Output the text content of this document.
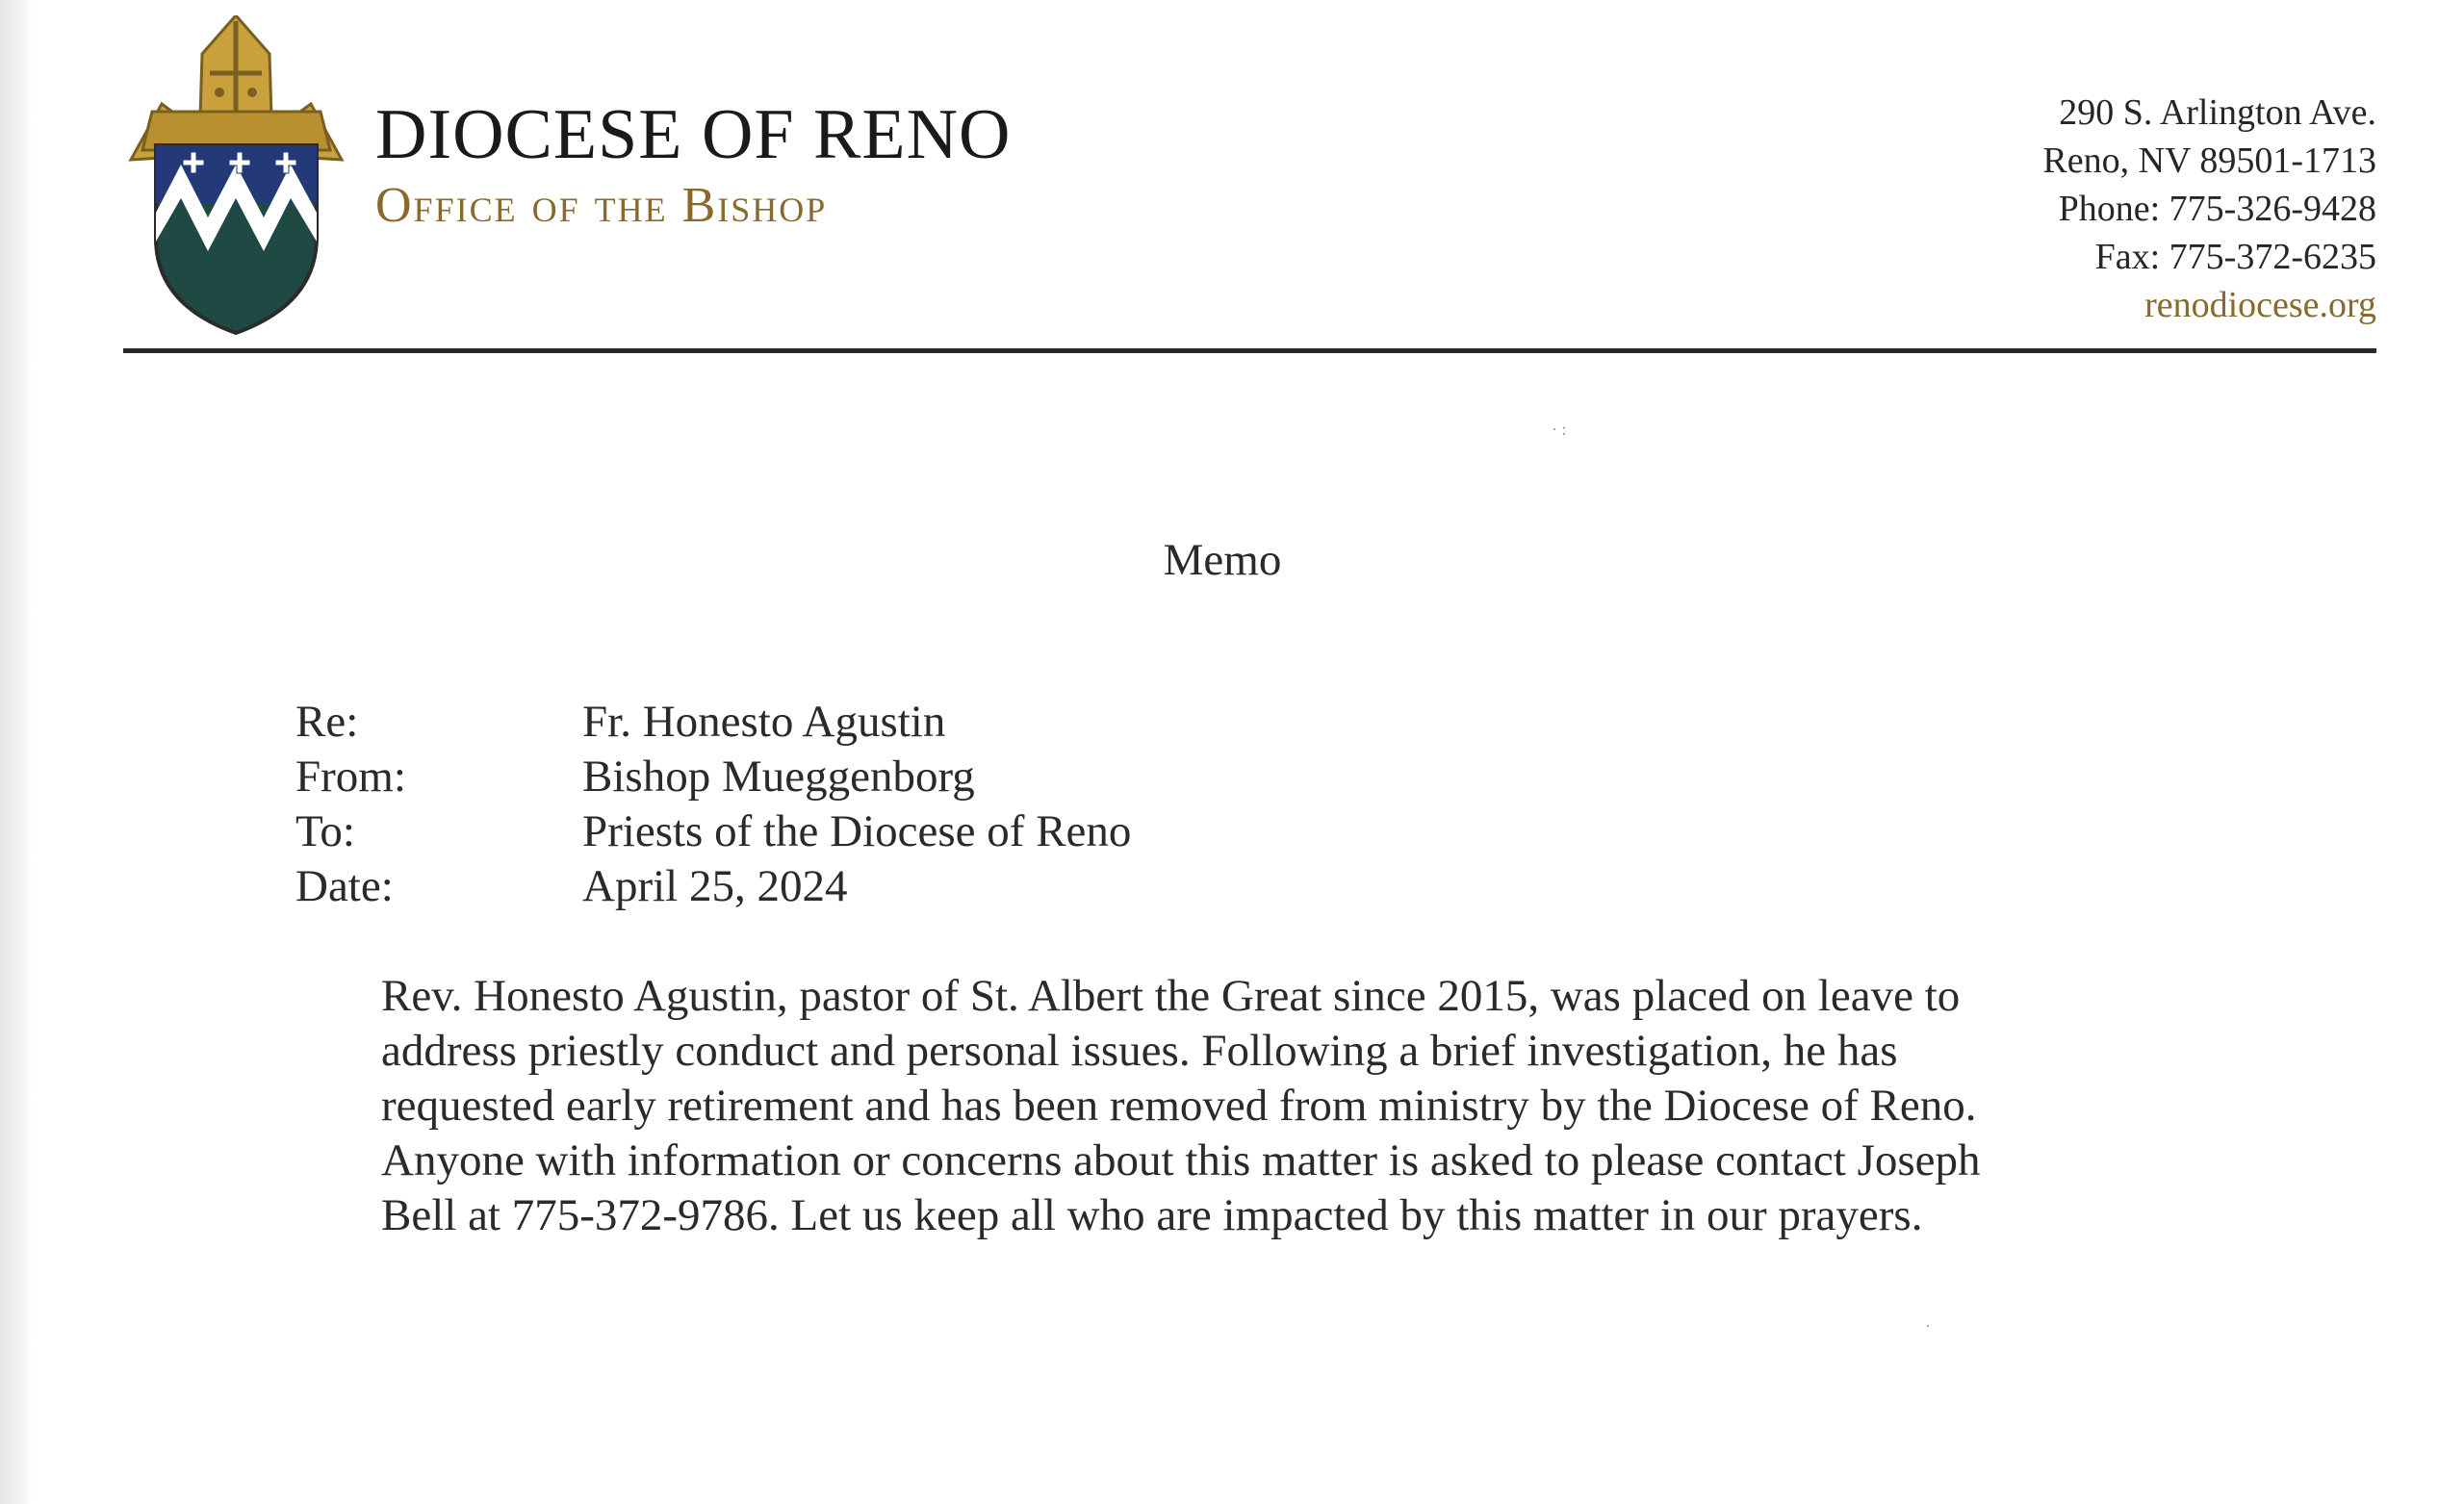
DIOCESE OF RENO
Office of the Bishop
290 S. Arlington Ave.
Reno, NV 89501-1713
Phone: 775-326-9428
Fax: 775-372-6235
renodiocese.org
· :
·
Memo
Re:	Fr. Honesto Agustin
From:	Bishop Mueggenborg
To:	Priests of the Diocese of Reno
Date:	April 25, 2024

Rev. Honesto Agustin, pastor of St. Albert the Great since 2015, was placed on leave to

address priestly conduct and personal issues. Following a brief investigation, he has

requested early retirement and has been removed from ministry by the Diocese of Reno.

Anyone with information or concerns about this matter is asked to please contact Joseph

Bell at 775-372-9786. Let us keep all who are impacted by this matter in our prayers.
